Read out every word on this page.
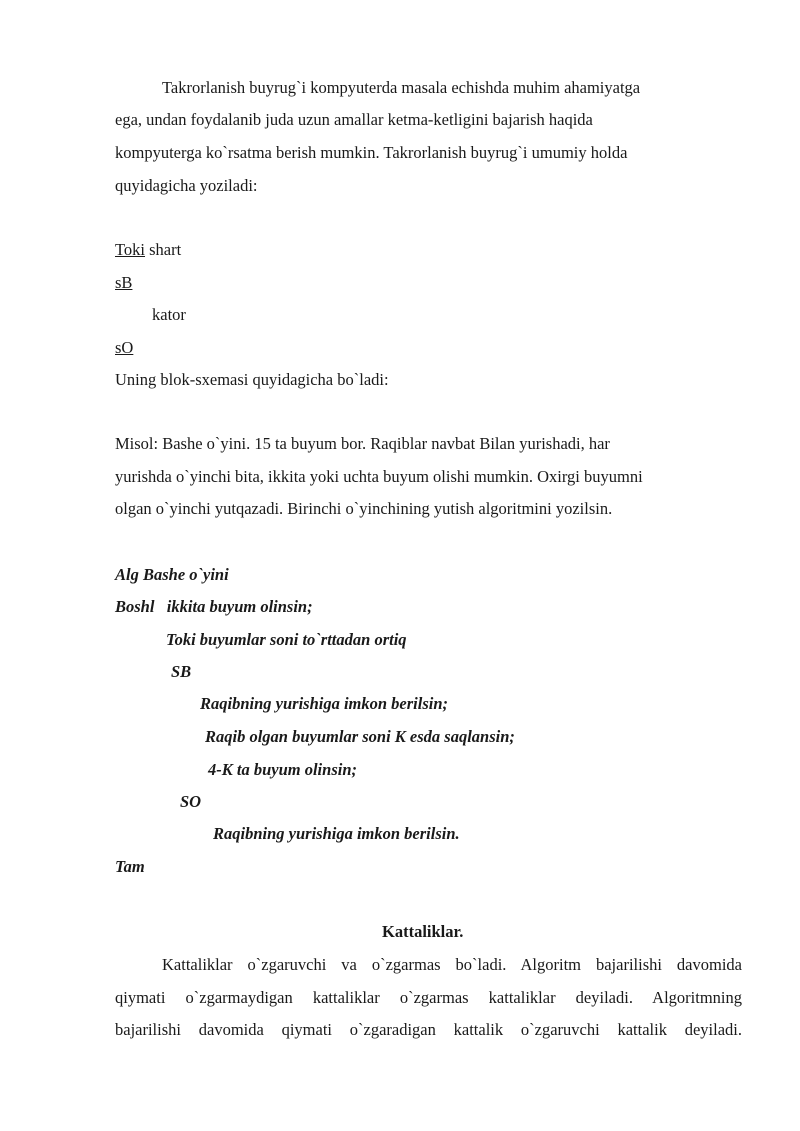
Takrorlanish buyrug`i kompyuterda masala echishda muhim ahamiyatga
ega, undan foydalanib juda uzun amallar ketma-ketligini bajarish haqida
kompyuterga ko`rsatma berish mumkin. Takrorlanish buyrug`i umumiy holda
quyidagicha yoziladi:
Toki shart
sB
kator
sO
Uning blok-sxemasi quyidagicha bo`ladi:
Misol: Bashe o`yini. 15 ta buyum bor. Raqiblar navbat Bilan yurishadi, har
yurishda o`yinchi bita, ikkita yoki uchta buyum olishi mumkin. Oxirgi buyumni
olgan o`yinchi yutqazadi. Birinchi o`yinchining yutish algoritmini yozilsin.
Alg Bashe o`yini
Boshl   ikkita buyum olinsin;
Toki buyumlar soni to`rttadan ortiq
SB
Raqibning yurishiga imkon berilsin;
Raqib olgan buyumlar soni K esda saqlansin;
4-K ta buyum olinsin;
SO
Raqibning yurishiga imkon berilsin.
Tam
Kattaliklar.
Kattaliklar o`zgaruvchi va o`zgarmas bo`ladi. Algoritm bajarilishi davomida
qiymati o`zgarmaydigan kattaliklar o`zgarmas kattaliklar deyiladi. Algoritmning
bajarilishi davomida qiymati o`zgaradigan kattalik o`zgaruvchi kattalik deyiladi.
